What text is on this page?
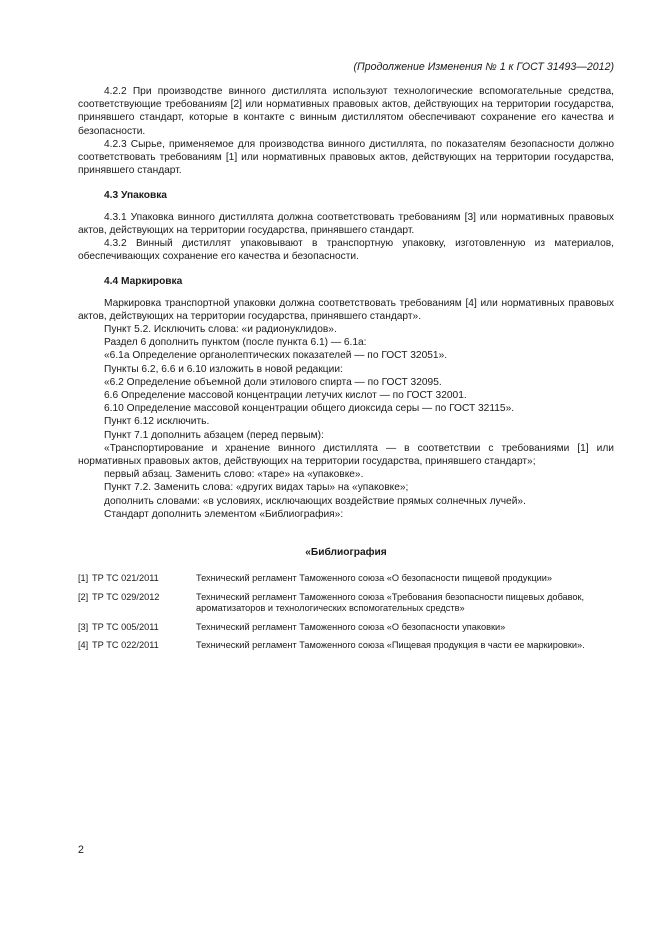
(Продолжение Изменения № 1 к ГОСТ 31493—2012)

4.2.2 При производстве винного дистиллята используют технологические вспомогательные средства, соответствующие требованиям [2] или нормативных правовых актов, действующих на территории государства, принявшего стандарт, которые в контакте с винным дистиллятом обеспечивают сохранение его качества и безопасности.

4.2.3 Сырье, применяемое для производства винного дистиллята, по показателям безопасности должно соответствовать требованиям [1] или нормативных правовых актов, действующих на территории государства, принявшего стандарт.

4.3 Упаковка

4.3.1 Упаковка винного дистиллята должна соответствовать требованиям [3] или нормативных правовых актов, действующих на территории государства, принявшего стандарт.

4.3.2 Винный дистиллят упаковывают в транспортную упаковку, изготовленную из материалов, обеспечивающих сохранение его качества и безопасности.

4.4 Маркировка

Маркировка транспортной упаковки должна соответствовать требованиям [4] или нормативных правовых актов, действующих на территории государства, принявшего стандарт».

Пункт 5.2. Исключить слова: «и радионуклидов».

Раздел 6 дополнить пунктом (после пункта 6.1) — 6.1а:

«6.1а Определение органолептических показателей — по ГОСТ 32051».

Пункты 6.2, 6.6 и 6.10 изложить в новой редакции:

«6.2 Определение объемной доли этилового спирта — по ГОСТ 32095.

6.6 Определение массовой концентрации летучих кислот — по ГОСТ 32001.

6.10 Определение массовой концентрации общего диоксида серы — по ГОСТ 32115».

Пункт 6.12 исключить.

Пункт 7.1 дополнить абзацем (перед первым):

«Транспортирование и хранение винного дистиллята — в соответствии с требованиями [1] или нормативных правовых актов, действующих на территории государства, принявшего стандарт»;

первый абзац. Заменить слово: «таре» на «упаковке».

Пункт 7.2. Заменить слова: «других видах тары» на «упаковке»;

дополнить словами: «в условиях, исключающих воздействие прямых солнечных лучей».

Стандарт дополнить элементом «Библиография»:

«Библиография
[1]	ТР ТС 021/2011	Технический регламент Таможенного союза «О безопасности пищевой продукции»
[2]	ТР ТС 029/2012	Технический регламент Таможенного союза «Требования безопасности пищевых добавок, ароматизаторов и технологических вспомогательных средств»
[3]	ТР ТС 005/2011	Технический регламент Таможенного союза «О безопасности упаковки»
[4]	ТР ТС 022/2011	Технический регламент Таможенного союза «Пищевая продукция в части ее маркировки».
2
